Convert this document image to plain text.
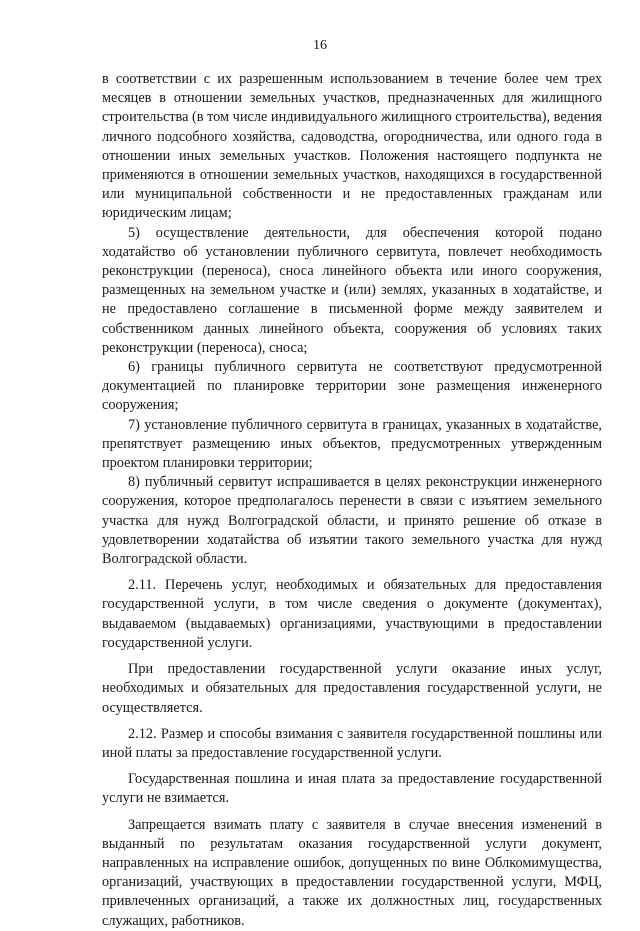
16

в соответствии с их разрешенным использованием в течение более чем трех месяцев в отношении земельных участков, предназначенных для жилищного строительства (в том числе индивидуального жилищного строительства), ведения личного подсобного хозяйства, садоводства, огородничества, или одного года в отношении иных земельных участков. Положения настоящего подпункта не применяются в отношении земельных участков, находящихся в государственной или муниципальной собственности и не предоставленных гражданам или юридическим лицам;

5) осуществление деятельности, для обеспечения которой подано ходатайство об установлении публичного сервитута, повлечет необходимость реконструкции (переноса), сноса линейного объекта или иного сооружения, размещенных на земельном участке и (или) землях, указанных в ходатайстве, и не предоставлено соглашение в письменной форме между заявителем и собственником данных линейного объекта, сооружения об условиях таких реконструкции (переноса), сноса;

6) границы публичного сервитута не соответствуют предусмотренной документацией по планировке территории зоне размещения инженерного сооружения;

7) установление публичного сервитута в границах, указанных в ходатайстве, препятствует размещению иных объектов, предусмотренных утвержденным проектом планировки территории;

8) публичный сервитут испрашивается в целях реконструкции инженерного сооружения, которое предполагалось перенести в связи с изъятием земельного участка для нужд Волгоградской области, и принято решение об отказе в удовлетворении ходатайства об изъятии такого земельного участка для нужд Волгоградской области.

2.11. Перечень услуг, необходимых и обязательных для предоставления государственной услуги, в том числе сведения о документе (документах), выдаваемом (выдаваемых) организациями, участвующими в предоставлении государственной услуги.

При предоставлении государственной услуги оказание иных услуг, необходимых и обязательных для предоставления государственной услуги, не осуществляется.

2.12. Размер и способы взимания с заявителя государственной пошлины или иной платы за предоставление государственной услуги.

Государственная пошлина и иная плата за предоставление государственной услуги не взимается.

Запрещается взимать плату с заявителя в случае внесения изменений в выданный по результатам оказания государственной услуги документ, направленных на исправление ошибок, допущенных по вине Облкомимущества, организаций, участвующих в предоставлении государственной услуги, МФЦ, привлеченных организаций, а также их должностных лиц, государственных служащих, работников.
